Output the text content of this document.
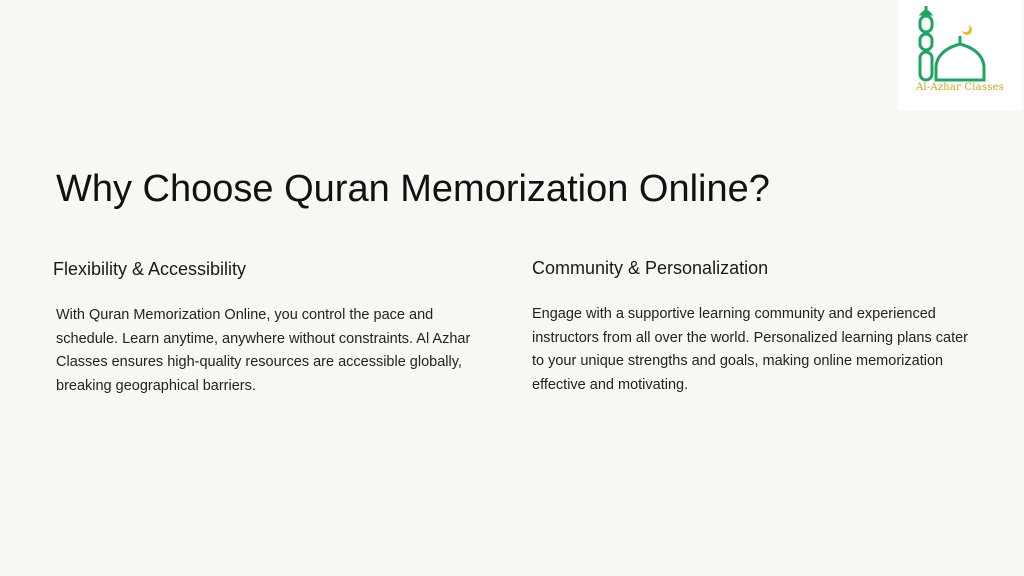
Al-Azhar Classes
Why Choose Quran Memorization Online?
Flexibility & Accessibility

With Quran Memorization Online, you control the pace and schedule. Learn anytime, anywhere without constraints. Al Azhar Classes ensures high-quality resources are accessible globally, breaking geographical barriers.

Community & Personalization

Engage with a supportive learning community and experienced instructors from all over the world. Personalized learning plans cater to your unique strengths and goals, making online memorization effective and motivating.
